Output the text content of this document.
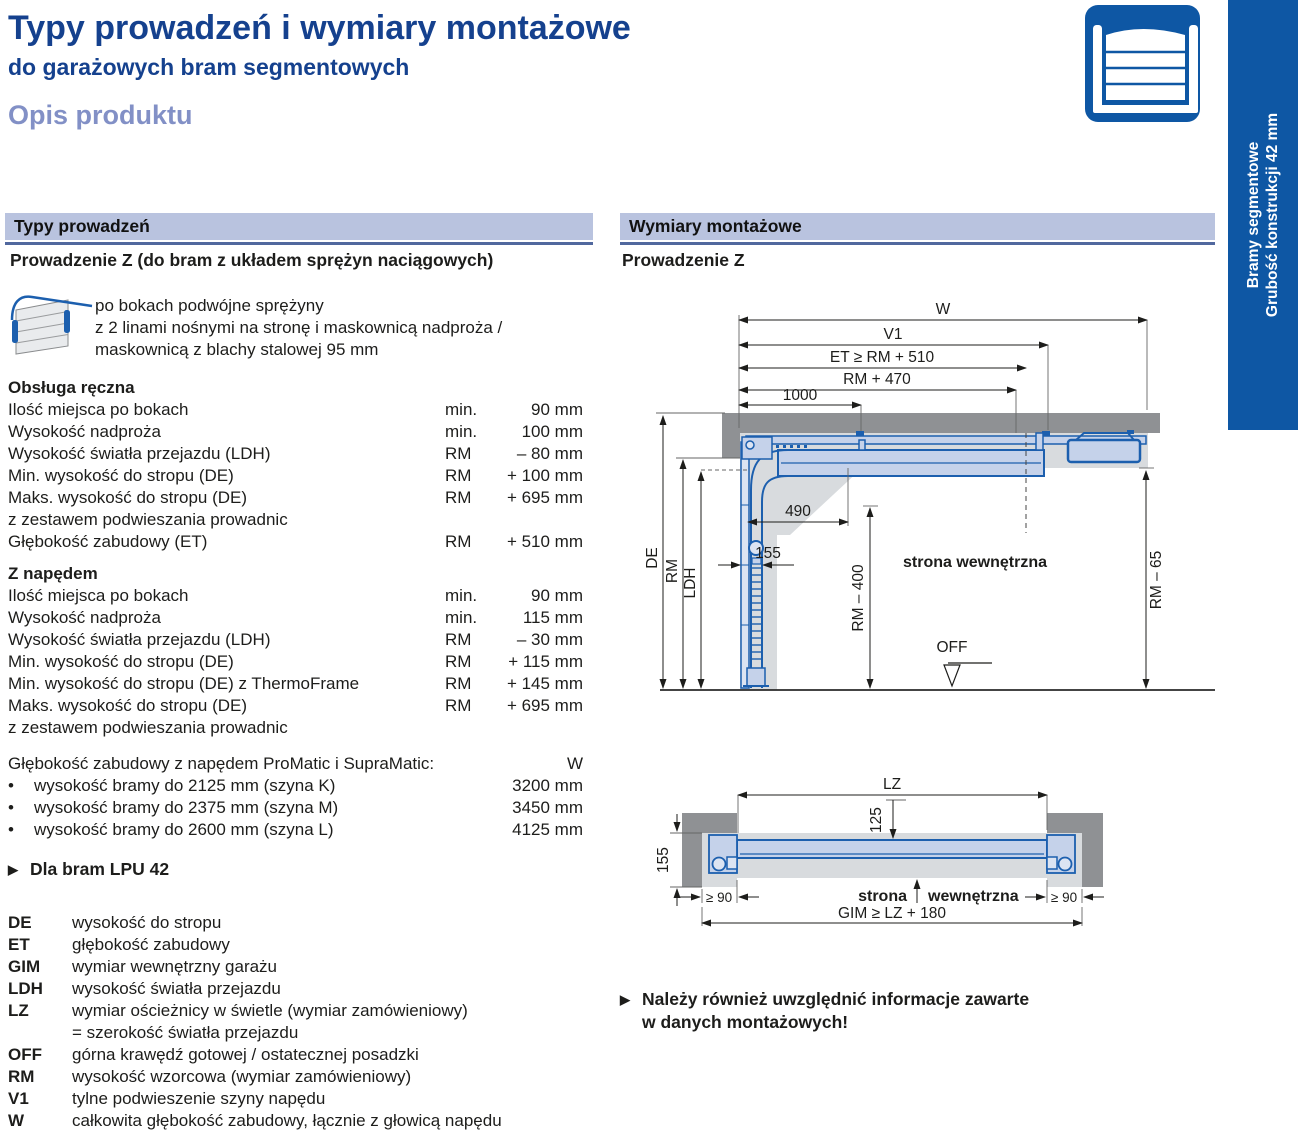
Typy prowadzeń i wymiary montażowe
do garażowych bram segmentowych
Opis produktu
Bramy segmentowe Grubość konstrukcji 42 mm
Typy prowadzeń
Prowadzenie Z (do bram z układem sprężyn naciągowych)
po bokach podwójne sprężyny
z 2 linami nośnymi na stronę i maskownicą nadproża /
maskownicą z blachy stalowej 95 mm
Obsługa ręczna
Ilość miejsca po bokach	min.	90 mm
Wysokość nadproża	min.	100 mm
Wysokość światła przejazdu (LDH)	RM	– 80 mm
Min. wysokość do stropu (DE)	RM	+ 100 mm
Maks. wysokość do stropu (DE)	RM	+ 695 mm
z zestawem podwieszania prowadnic
Głębokość zabudowy (ET)	RM	+ 510 mm
Z napędem
Ilość miejsca po bokach	min.	90 mm
Wysokość nadproża	min.	115 mm
Wysokość światła przejazdu (LDH)	RM	– 30 mm
Min. wysokość do stropu (DE)	RM	+ 115 mm
Min. wysokość do stropu (DE) z ThermoFrame	RM	+ 145 mm
Maks. wysokość do stropu (DE)	RM	+ 695 mm
z zestawem podwieszania prowadnic
Głębokość zabudowy z napędem ProMatic i SupraMatic:	W
•	wysokość bramy do 2125 mm (szyna K)	3200 mm
•	wysokość bramy do 2375 mm (szyna M)	3450 mm
•	wysokość bramy do 2600 mm (szyna L)	4125 mm
▶ Dla bram LPU 42
DE	wysokość do stropu
ET	głębokość zabudowy
GIM	wymiar wewnętrzny garażu
LDH	wysokość światła przejazdu
LZ	wymiar ościeżnicy w świetle (wymiar zamówieniowy)
= szerokość światła przejazdu
OFF	górna krawędź gotowej / ostatecznej posadzki
RM	wysokość wzorcowa (wymiar zamówieniowy)
V1	tylne podwieszenie szyny napędu
W	całkowita głębokość zabudowy, łącznie z głowicą napędu
Wymiary montażowe
Prowadzenie Z
W
V1
ET ≥ RM + 510
RM + 470
1000
490
155
DE
RM LDH	RM – 400	RM – 65
OFF
strona wewnętrzna
LZ
125
155
≥ 90	≥ 90
GIM ≥ LZ + 180
strona wewnętrzna
▶ Należy również uwzględnić informacje zawarte
w danych montażowych!
